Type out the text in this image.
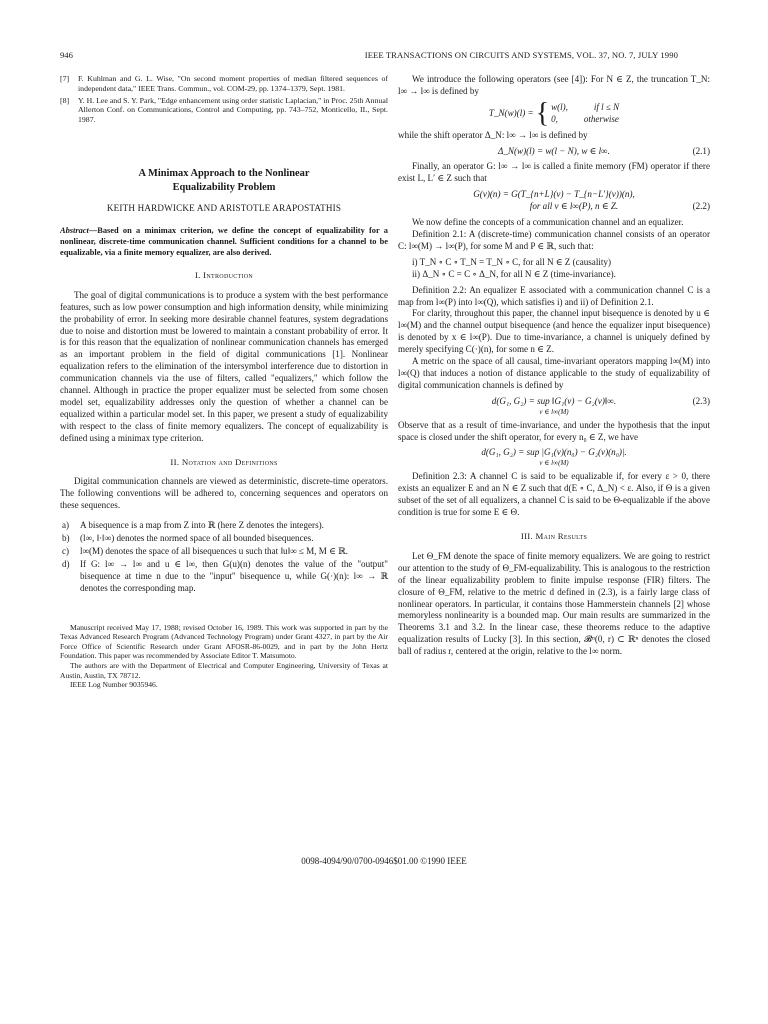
946	IEEE TRANSACTIONS ON CIRCUITS AND SYSTEMS, VOL. 37, NO. 7, JULY 1990
[7]	F. Kuhlman and G. L. Wise, "On second moment properties of median filtered sequences of independent data," IEEE Trans. Commun., vol. COM-29, pp. 1374–1379, Sept. 1981.
[8]	Y. H. Lee and S. Y. Park, "Edge enhancement using order statistic Laplacian," in Proc. 25th Annual Allerton Conf. on Communications, Control and Computing, pp. 743–752, Monticello, IL, Sept. 1987.
A Minimax Approach to the Nonlinear
Equalizability Problem
KEITH HARDWICKE AND ARISTOTLE ARAPOSTATHIS
Abstract—Based on a minimax criterion, we define the concept of equalizability for a nonlinear, discrete-time communication channel. Sufficient conditions for a channel to be equalizable, via a finite memory equalizer, are also derived.
I. Introduction

The goal of digital communications is to produce a system with the best performance features, such as low power consumption and high information density, while minimizing the probability of error. In seeking more desirable channel features, system degradations due to noise and distortion must be lowered to maintain a constant probability of error. It is for this reason that the equalization of nonlinear communication channels has emerged as an important problem in the field of digital communications [1]. Nonlinear equalization refers to the elimination of the intersymbol interference due to distortion in communication channels via the use of filters, called "equalizers," which follow the channel. Although in practice the proper equalizer must be selected from some chosen model set, equalizability addresses only the question of whether a channel can be equalized within a particular model set. In this paper, we present a study of equalizability with respect to the class of finite memory equalizers. The concept of equalizability is defined using a minimax type criterion.

II. Notation and Definitions

Digital communication channels are viewed as deterministic, discrete-time operators. The following conventions will be adhered to, concerning sequences and operators on these sequences.

a)	A bisequence is a map from Z into ℝ (here Z denotes the integers).
b)	(l∞, ‖·‖∞) denotes the normed space of all bounded bisequences.
c)	l∞(M) denotes the space of all bisequences u such that ‖u‖∞ ≤ M, M ∈ ℝ.
d)	If G: l∞ → l∞ and u ∈ l∞, then G(u)(n) denotes the value of the "output" bisequence at time n due to the "input" bisequence u, while G(·)(n): l∞ → ℝ denotes the corresponding map.

Manuscript received May 17, 1988; revised October 16, 1989. This work was supported in part by the Texas Advanced Research Program (Advanced Technology Program) under Grant 4327, in part by the Air Force Office of Scientific Research under Grant AFOSR-86-0029, and in part by the John Hertz Foundation. This paper was recommended by Associate Editor T. Matsumoto.

The authors are with the Department of Electrical and Computer Engineering, University of Texas at Austin, Austin, TX 78712.

IEEE Log Number 9035946.

We introduce the following operators (see [4]): For N ∈ Z, the truncation T_N: l∞ → l∞ is defined by

T_N(w)(l) = { w(l),	if l ≤ N
0,	otherwise

while the shift operator Δ_N: l∞ → l∞ is defined by

Δ_N(w)(l) = w(l − N), w ∈ l∞.	(2.1)

Finally, an operator G: l∞ → l∞ is called a finite memory (FM) operator if there exist L, L′ ∈ Z such that

G(v)(n) = G(T_{n+L}(v) − T_{n−L′}(v))(n),
for all v ∈ l∞(P), n ∈ Z.	(2.2)

We now define the concepts of a communication channel and an equalizer.

Definition 2.1: A (discrete-time) communication channel consists of an operator C: l∞(M) → l∞(P), for some M and P ∈ ℝ, such that:

i) T_N ∘ C ∘ T_N = T_N ∘ C, for all N ∈ Z (causality)
ii) Δ_N ∘ C = C ∘ Δ_N, for all N ∈ Z (time-invariance).

Definition 2.2: An equalizer E associated with a communication channel C is a map from l∞(P) into l∞(Q), which satisfies i) and ii) of Definition 2.1.

For clarity, throughout this paper, the channel input bisequence is denoted by u ∈ l∞(M) and the channel output bisequence (and hence the equalizer input bisequence) is denoted by x ∈ l∞(P). Due to time-invariance, a channel is uniquely defined by merely specifying C(·)(n), for some n ∈ Z.

A metric on the space of all causal, time-invariant operators mapping l∞(M) into l∞(Q) that induces a notion of distance applicable to the study of equalizability of digital communication channels is defined by

d(G₁, G₂) = sup ‖G₁(v) − G₂(v)‖∞.
v ∈ l∞(M)
(2.3)

Observe that as a result of time-invariance, and under the hypothesis that the input space is closed under the shift operator, for every n₀ ∈ Z, we have

d(G₁, G₂) = sup |G₁(v)(n₀) − G₂(v)(n₀)|.
v ∈ l∞(M)

Definition 2.3: A channel C is said to be equalizable if, for every ε > 0, there exists an equalizer E and an N ∈ Z such that d(E ∘ C, Δ_N) < ε. Also, if Θ is a given subset of the set of all equalizers, a channel C is said to be Θ-equalizable if the above condition is true for some E ∈ Θ.

III. Main Results

Let Θ_FM denote the space of finite memory equalizers. We are going to restrict our attention to the study of Θ_FM-equalizability. This is analogous to the restriction of the linear equalizability problem to finite impulse response (FIR) filters. The closure of Θ_FM, relative to the metric d defined in (2.3), is a fairly large class of nonlinear operators. In particular, it contains those Hammerstein channels [2] whose memoryless nonlinearity is a bounded map. Our main results are summarized in the Theorems 3.1 and 3.2. In the linear case, these theorems reduce to the adaptive equalization results of Lucky [3]. In this section, 𝓑ⁿ(0, r) ⊂ ℝⁿ denotes the closed ball of radius r, centered at the origin, relative to the l∞ norm.

0098-4094/90/0700-0946$01.00 ©1990 IEEE
